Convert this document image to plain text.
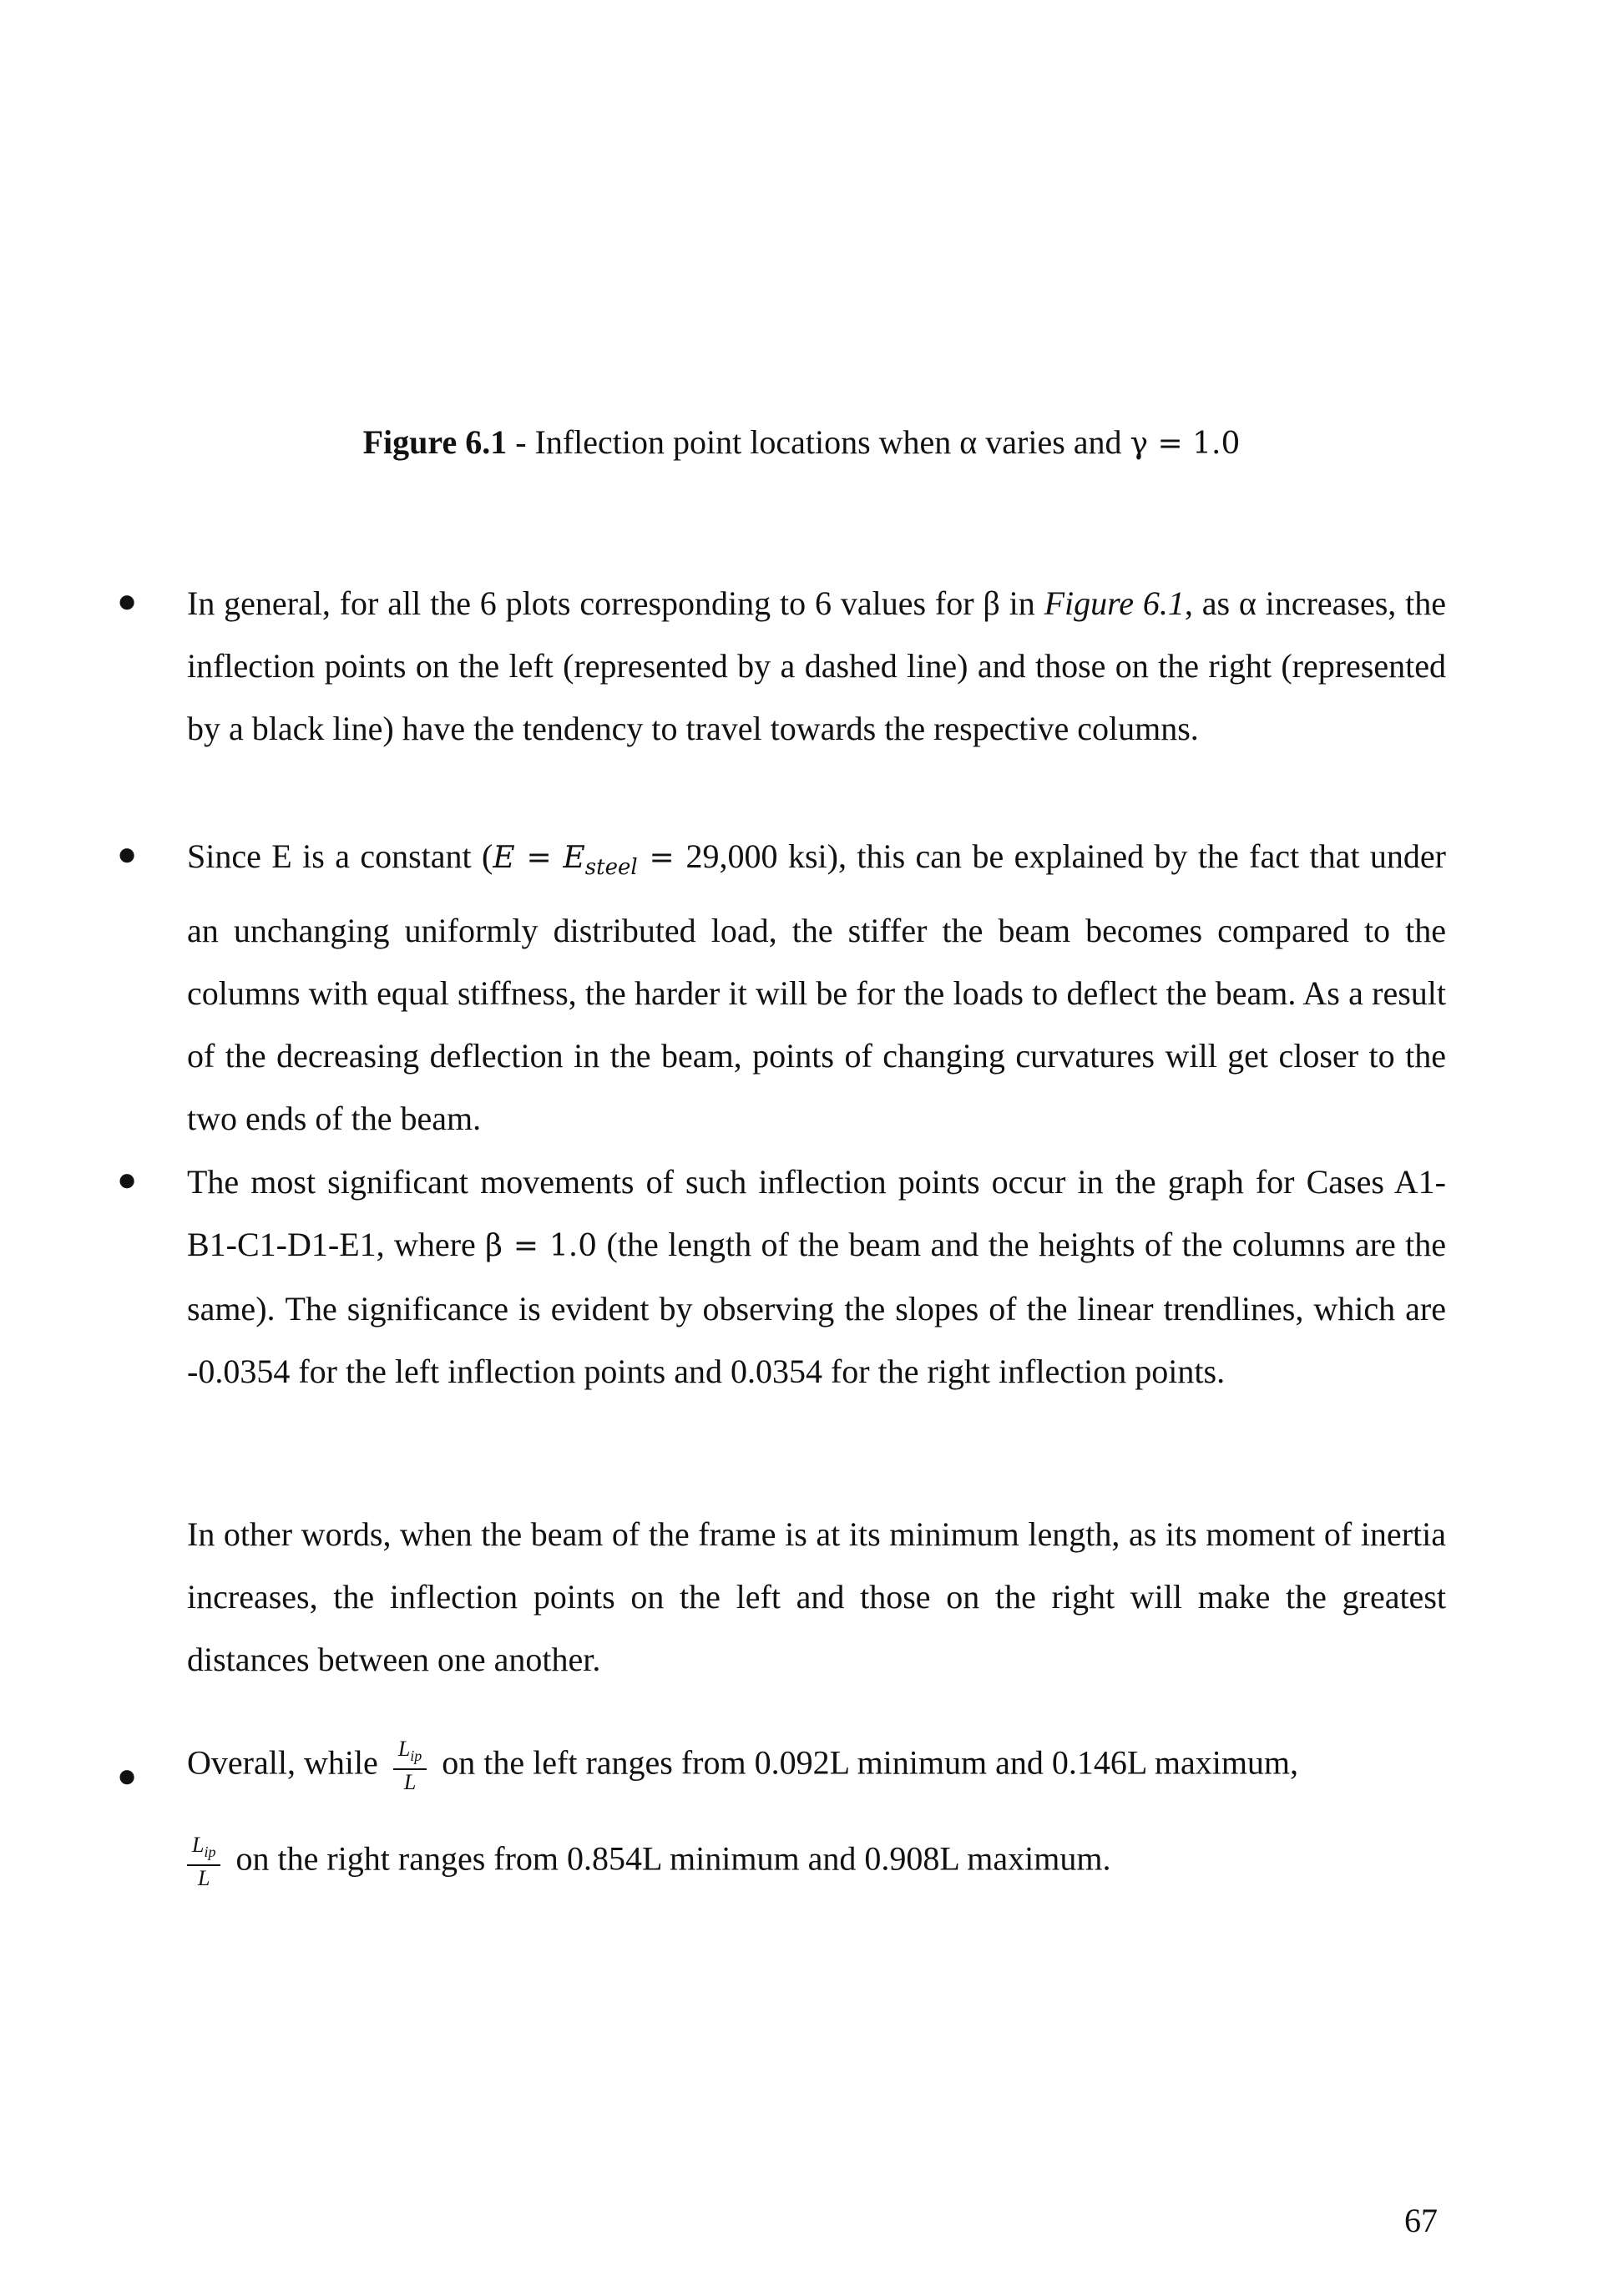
Figure 6.1 - Inflection point locations when α varies and γ = 1.0
● In general, for all the 6 plots corresponding to 6 values for β in Figure 6.1, as α increases, the inflection points on the left (represented by a dashed line) and those on the right (represented by a black line) have the tendency to travel towards the respective columns.

● Since E is a constant ($E = E_{steel} = 29,000$ ksi), this can be explained by the fact that under an unchanging uniformly distributed load, the stiffer the beam becomes compared to the columns with equal stiffness, the harder it will be for the loads to deflect the beam. As a result of the decreasing deflection in the beam, points of changing curvatures will get closer to the two ends of the beam.

● The most significant movements of such inflection points occur in the graph for Cases A1-B1-C1-D1-E1, where β = 1.0 (the length of the beam and the heights of the columns are the same). The significance is evident by observing the slopes of the linear trendlines, which are -0.0354 for the left inflection points and 0.0354 for the right inflection points.

In other words, when the beam of the frame is at its minimum length, as its moment of inertia increases, the inflection points on the left and those on the right will make the greatest distances between one another.

● Overall, while $\frac{L_{ip}}{L}$ on the left ranges from 0.092L minimum and 0.146L maximum,

$\frac{L_{ip}}{L}$ on the right ranges from 0.854L minimum and 0.908L maximum.

67
